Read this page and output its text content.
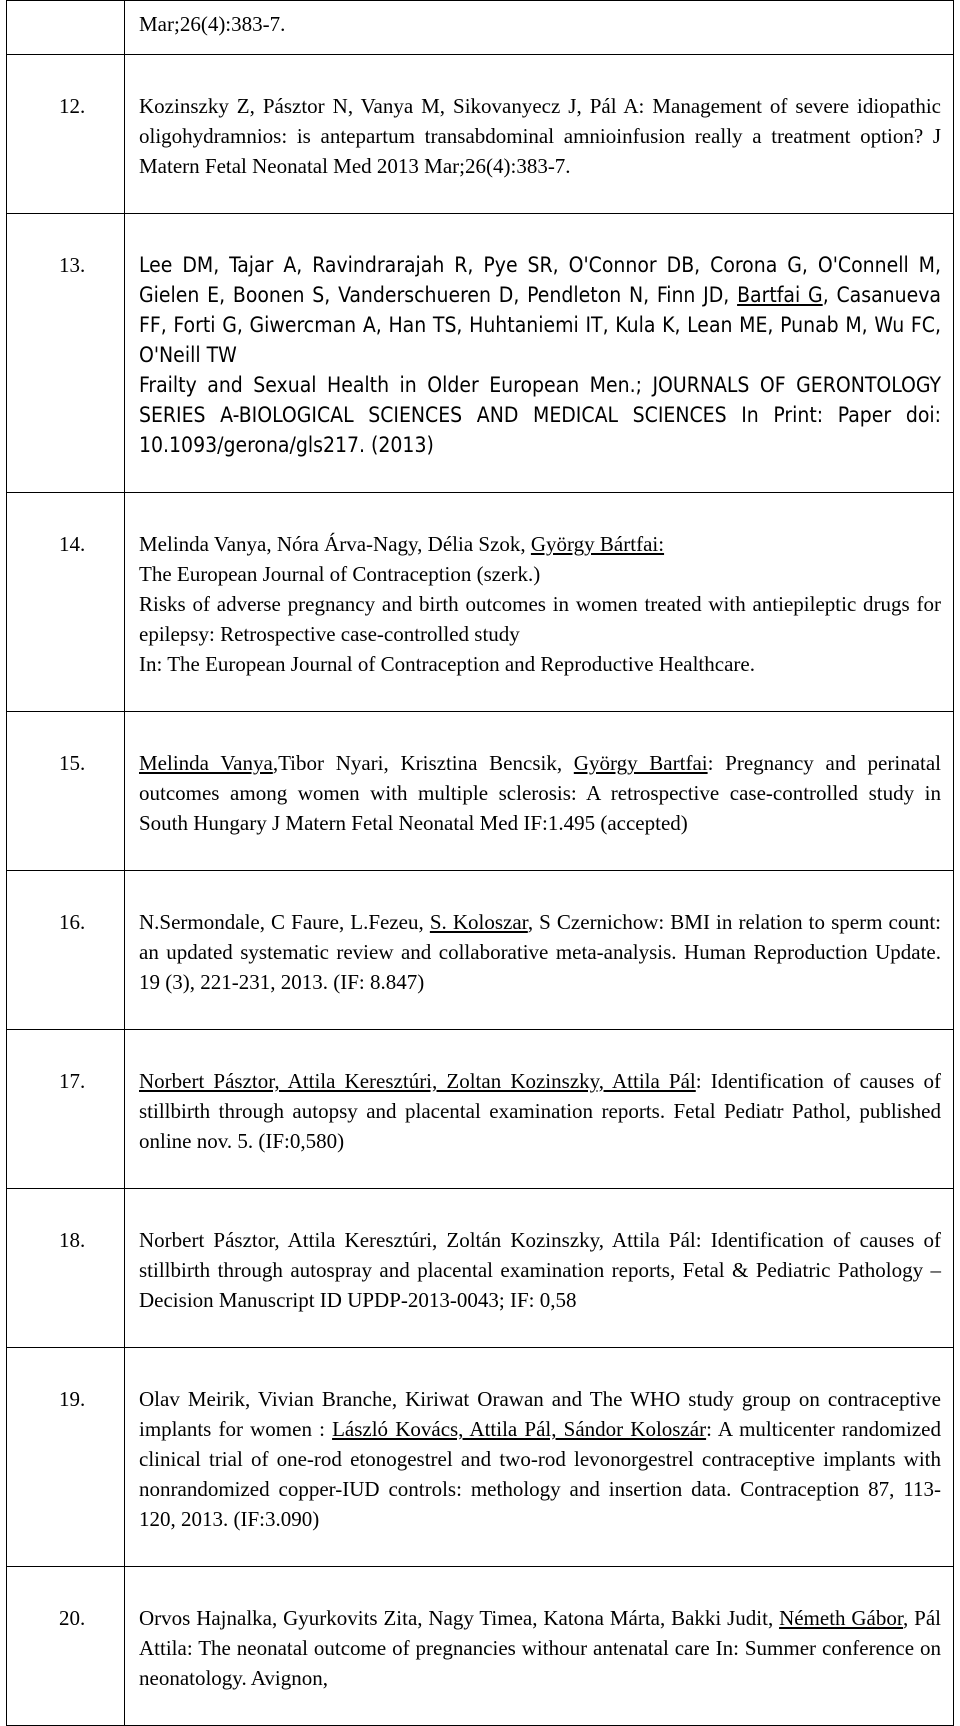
	Mar;26(4):383-7.
12.	Kozinszky Z, Pásztor N, Vanya M, Sikovanyecz J, Pál A: Management of severe idiopathic oligohydramnios: is antepartum transabdominal amnioinfusion really a treatment option? J Matern Fetal Neonatal Med 2013 Mar;26(4):383-7.
13.	Lee DM, Tajar A, Ravindrarajah R, Pye SR, O'Connor DB, Corona G, O'Connell M, Gielen E, Boonen S, Vanderschueren D, Pendleton N, Finn JD, Bartfai G, Casanueva FF, Forti G, Giwercman A, Han TS, Huhtaniemi IT, Kula K, Lean ME, Punab M, Wu FC, O'Neill TW
Frailty and Sexual Health in Older European Men.; JOURNALS OF GERONTOLOGY SERIES A-BIOLOGICAL SCIENCES AND MEDICAL SCIENCES In Print: Paper doi: 10.1093/gerona/gls217. (2013)
14.	Melinda Vanya, Nóra Árva-Nagy, Délia Szok, György Bártfai:
The European Journal of Contraception (szerk.)
Risks of adverse pregnancy and birth outcomes in women treated with antiepileptic drugs for epilepsy: Retrospective case-controlled study
In: The European Journal of Contraception and Reproductive Healthcare.
15.	Melinda Vanya,Tibor Nyari, Krisztina Bencsik, György Bartfai: Pregnancy and perinatal outcomes among women with multiple sclerosis: A retrospective case-controlled study in South Hungary J Matern Fetal Neonatal Med IF:1.495 (accepted)
16.	N.Sermondale, C Faure, L.Fezeu, S. Koloszar, S Czernichow: BMI in relation to sperm count: an updated systematic review and collaborative meta-analysis. Human Reproduction Update. 19 (3), 221-231, 2013. (IF: 8.847)
17.	Norbert Pásztor, Attila Keresztúri, Zoltan Kozinszky, Attila Pál: Identification of causes of stillbirth through autopsy and placental examination reports. Fetal Pediatr Pathol, published online nov. 5. (IF:0,580)
18.	Norbert Pásztor, Attila Keresztúri, Zoltán Kozinszky, Attila Pál: Identification of causes of stillbirth through autospray and placental examination reports, Fetal & Pediatric Pathology – Decision Manuscript ID UPDP-2013-0043; IF: 0,58
19.	Olav Meirik, Vivian Branche, Kiriwat Orawan and The WHO study group on contraceptive implants for women : László Kovács, Attila Pál, Sándor Koloszár: A multicenter randomized clinical trial of one-rod etonogestrel and two-rod levonorgestrel contraceptive implants with nonrandomized copper-IUD controls: methology and insertion data. Contraception 87, 113-120, 2013. (IF:3.090)
20.	Orvos Hajnalka, Gyurkovits Zita, Nagy Timea, Katona Márta, Bakki Judit, Németh Gábor, Pál Attila: The neonatal outcome of pregnancies withour antenatal care In: Summer conference on neonatology. Avignon,
